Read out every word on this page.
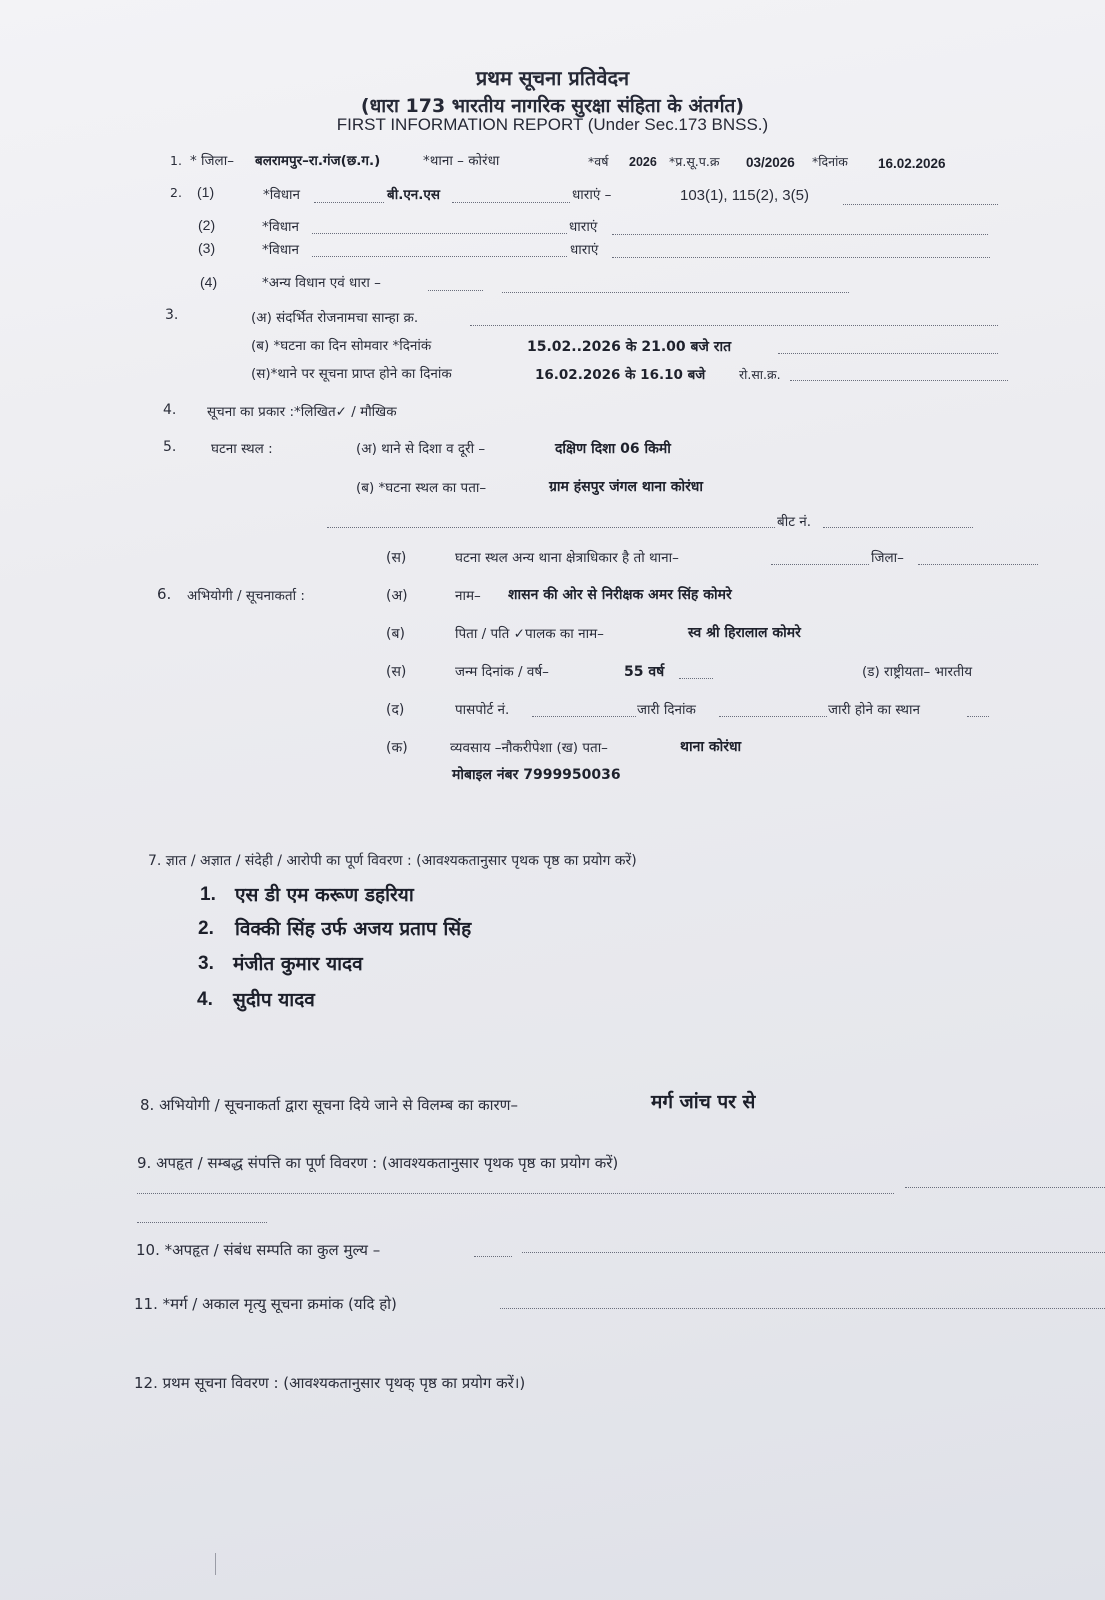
प्रथम सूचना प्रतिवेदन
(धारा 173 भारतीय नागरिक सुरक्षा संहिता के अंतर्गत)
FIRST INFORMATION REPORT (Under Sec.173 BNSS.)
1. * जिला– बलरामपुर–रा.गंज(छ.ग.)	*थाना – कोरंधा	*वर्ष 2026 *प्र.सू.प.क्र 03/2026 *दिनांक 16.02.2026
2. (1)	*विधान	बी.एन.एस	धाराएं –	103(1), 115(2), 3(5)
(2)	*विधान	धाराएं
(3)	*विधान	धाराएं
(4)	*अन्य विधान एवं धारा –
3.	(अ) संदर्भित रोजनामचा सान्हा क्र.
(ब) *घटना का दिन सोमवार *दिनांकं	15.02..2026 के 21.00 बजे रात
(स)*थाने पर सूचना प्राप्त होने का दिनांक	16.02.2026 के 16.10 बजे	रो.सा.क्र.
4. सूचना का प्रकार :*लिखित✓ / मौखिक
5.	घटना स्थल :	(अ) थाने से दिशा व दूरी –	दक्षिण दिशा 06 किमी
(ब) *घटना स्थल का पता–	ग्राम हंसपुर जंगल थाना कोरंधा
बीट नं.
(स)	घटना स्थल अन्य थाना क्षेत्राधिकार है तो थाना–	जिला–
6. अभियोगी / सूचनाकर्ता :	(अ)	नाम– शासन की ओर से निरीक्षक अमर सिंह कोमरे
(ब)	पिता / पति ✓पालक का नाम–	स्व श्री हिरालाल कोमरे
(स)	जन्म दिनांक / वर्ष–	55 वर्ष	(ड) राष्ट्रीयता– भारतीय
(द)	पासपोर्ट नं.	जारी दिनांक	जारी होने का स्थान
(क)	व्यवसाय –नौकरीपेशा (ख) पता–	थाना कोरंधा
मोबाइल नंबर 7999950036
7. ज्ञात / अज्ञात / संदेही / आरोपी का पूर्ण विवरण : (आवश्यकतानुसार पृथक पृष्ठ का प्रयोग करें)
1. एस डी एम करूण डहरिया
2. विक्की सिंह उर्फ अजय प्रताप सिंह
3. मंजीत कुमार यादव
4. सुदीप यादव
8. अभियोगी / सूचनाकर्ता द्वारा सूचना दिये जाने से विलम्ब का कारण–	मर्ग जांच पर से
9. अपहृत / सम्बद्ध संपत्ति का पूर्ण विवरण : (आवश्यकतानुसार पृथक पृष्ठ का प्रयोग करें)
10. *अपहृत / संबंध सम्पति का कुल मुल्य –
11. *मर्ग / अकाल मृत्यु सूचना क्रमांक (यदि हो)
12. प्रथम सूचना विवरण : (आवश्यकतानुसार पृथक् पृष्ठ का प्रयोग करें।)
